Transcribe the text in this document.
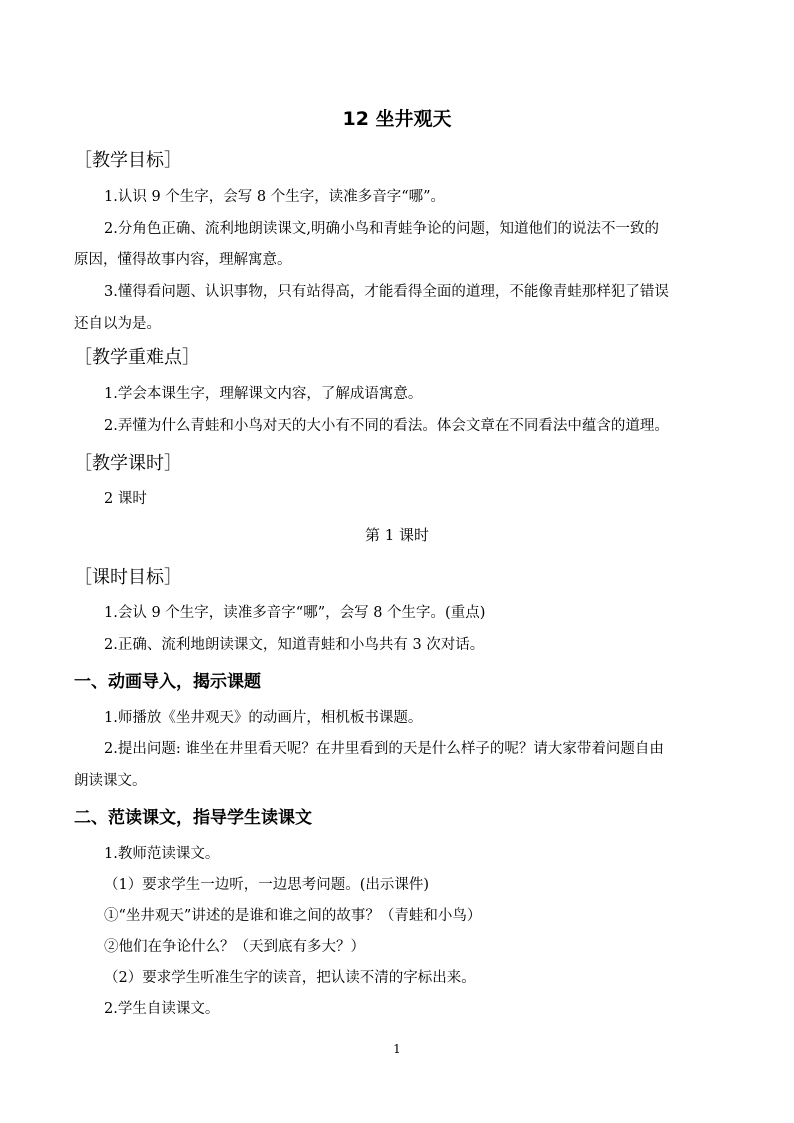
12 坐井观天
［教学目标］
1.认识 9 个生字，会写 8 个生字，读准多音字“哪”。
2.分角色正确、流利地朗读课文,明确小鸟和青蛙争论的问题，知道他们的说法不一致的
原因，懂得故事内容，理解寓意。
3.懂得看问题、认识事物，只有站得高，才能看得全面的道理，不能像青蛙那样犯了错误
还自以为是。
［教学重难点］
1.学会本课生字，理解课文内容，了解成语寓意。
2.弄懂为什么青蛙和小鸟对天的大小有不同的看法。体会文章在不同看法中蕴含的道理。
［教学课时］
2 课时
第 1 课时
［课时目标］
1.会认 9 个生字，读准多音字“哪”，会写 8 个生字。(重点)
2.正确、流利地朗读课文，知道青蛙和小鸟共有 3 次对话。
一、动画导入，揭示课题
1.师播放《坐井观天》的动画片，相机板书课题。
2.提出问题: 谁坐在井里看天呢？在井里看到的天是什么样子的呢？请大家带着问题自由
朗读课文。
二、范读课文，指导学生读课文
1.教师范读课文。
（1）要求学生一边听，一边思考问题。(出示课件)
①“坐井观天”讲述的是谁和谁之间的故事？（青蛙和小鸟）
②他们在争论什么？（天到底有多大？）
（2）要求学生听准生字的读音，把认读不清的字标出来。
2.学生自读课文。
1
